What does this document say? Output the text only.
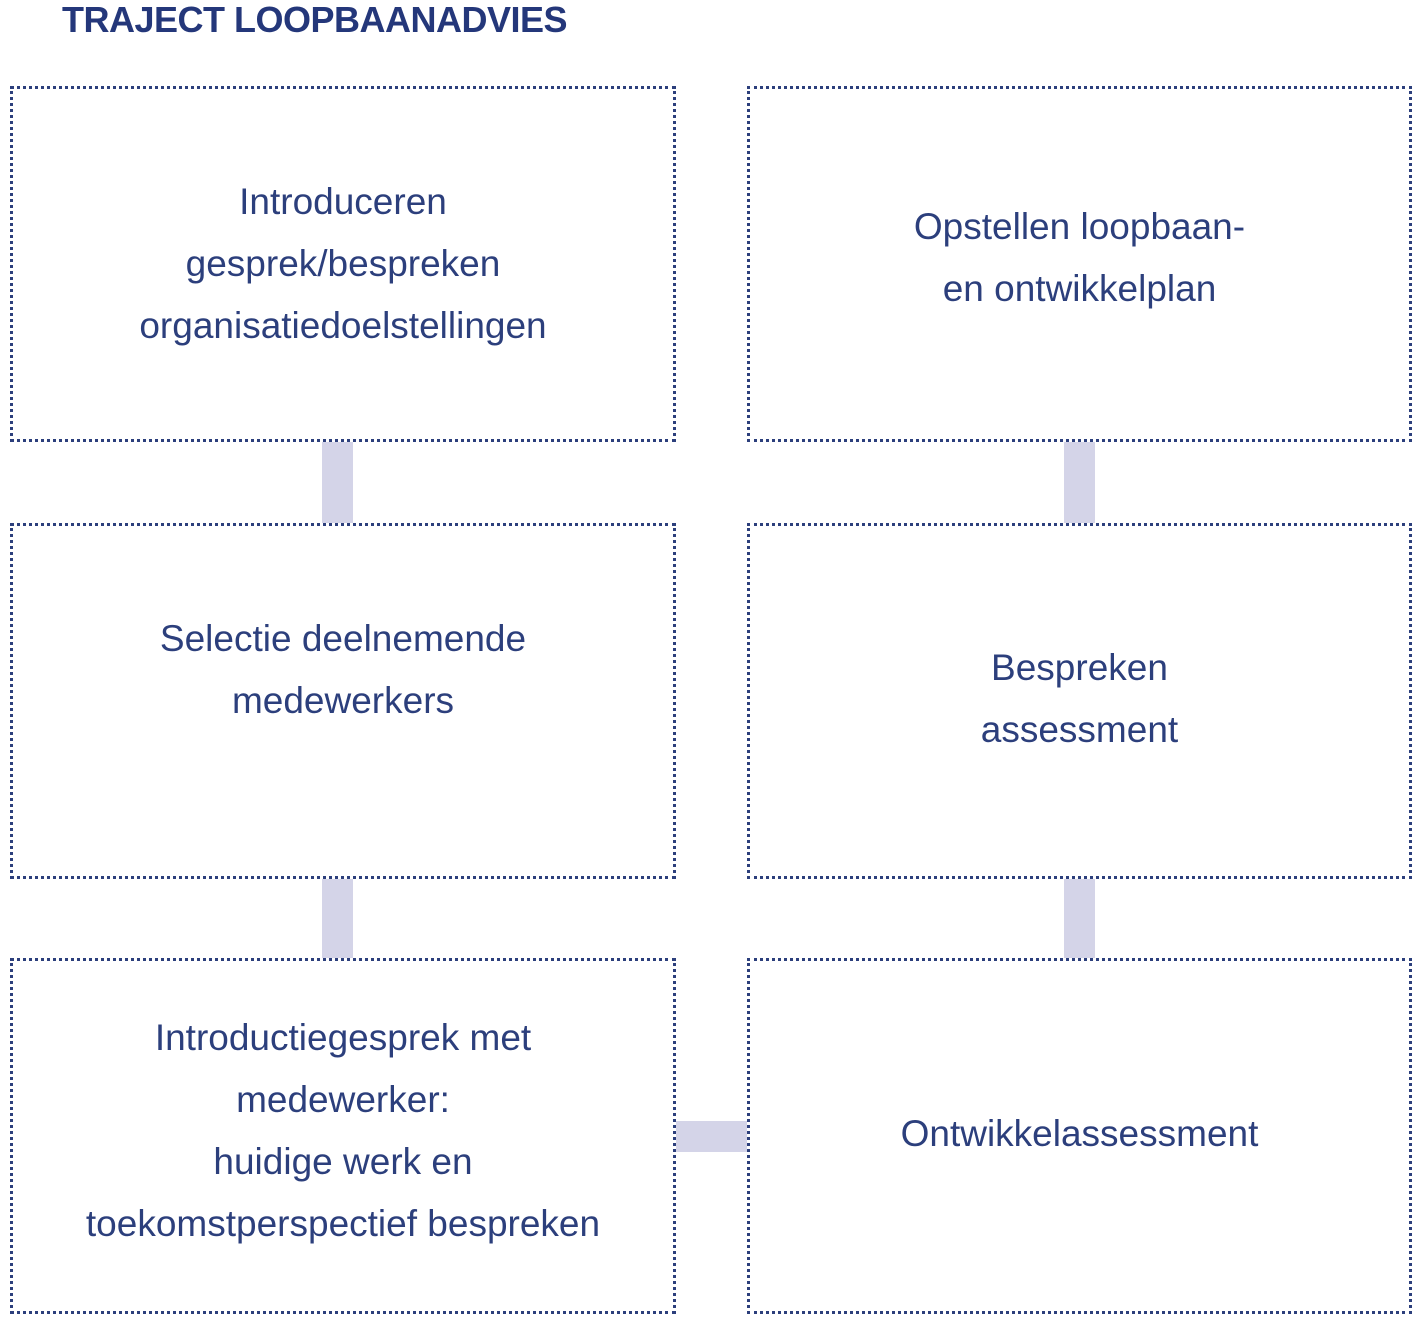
TRAJECT LOOPBAANADVIES
Introduceren
gesprek/bespreken
organisatiedoelstellingen
Selectie deelnemende
medewerkers
Introductiegesprek met
medewerker:
huidige werk en
toekomstperspectief bespreken
Opstellen loopbaan-
en ontwikkelplan
Bespreken
assessment
Ontwikkelassessment
